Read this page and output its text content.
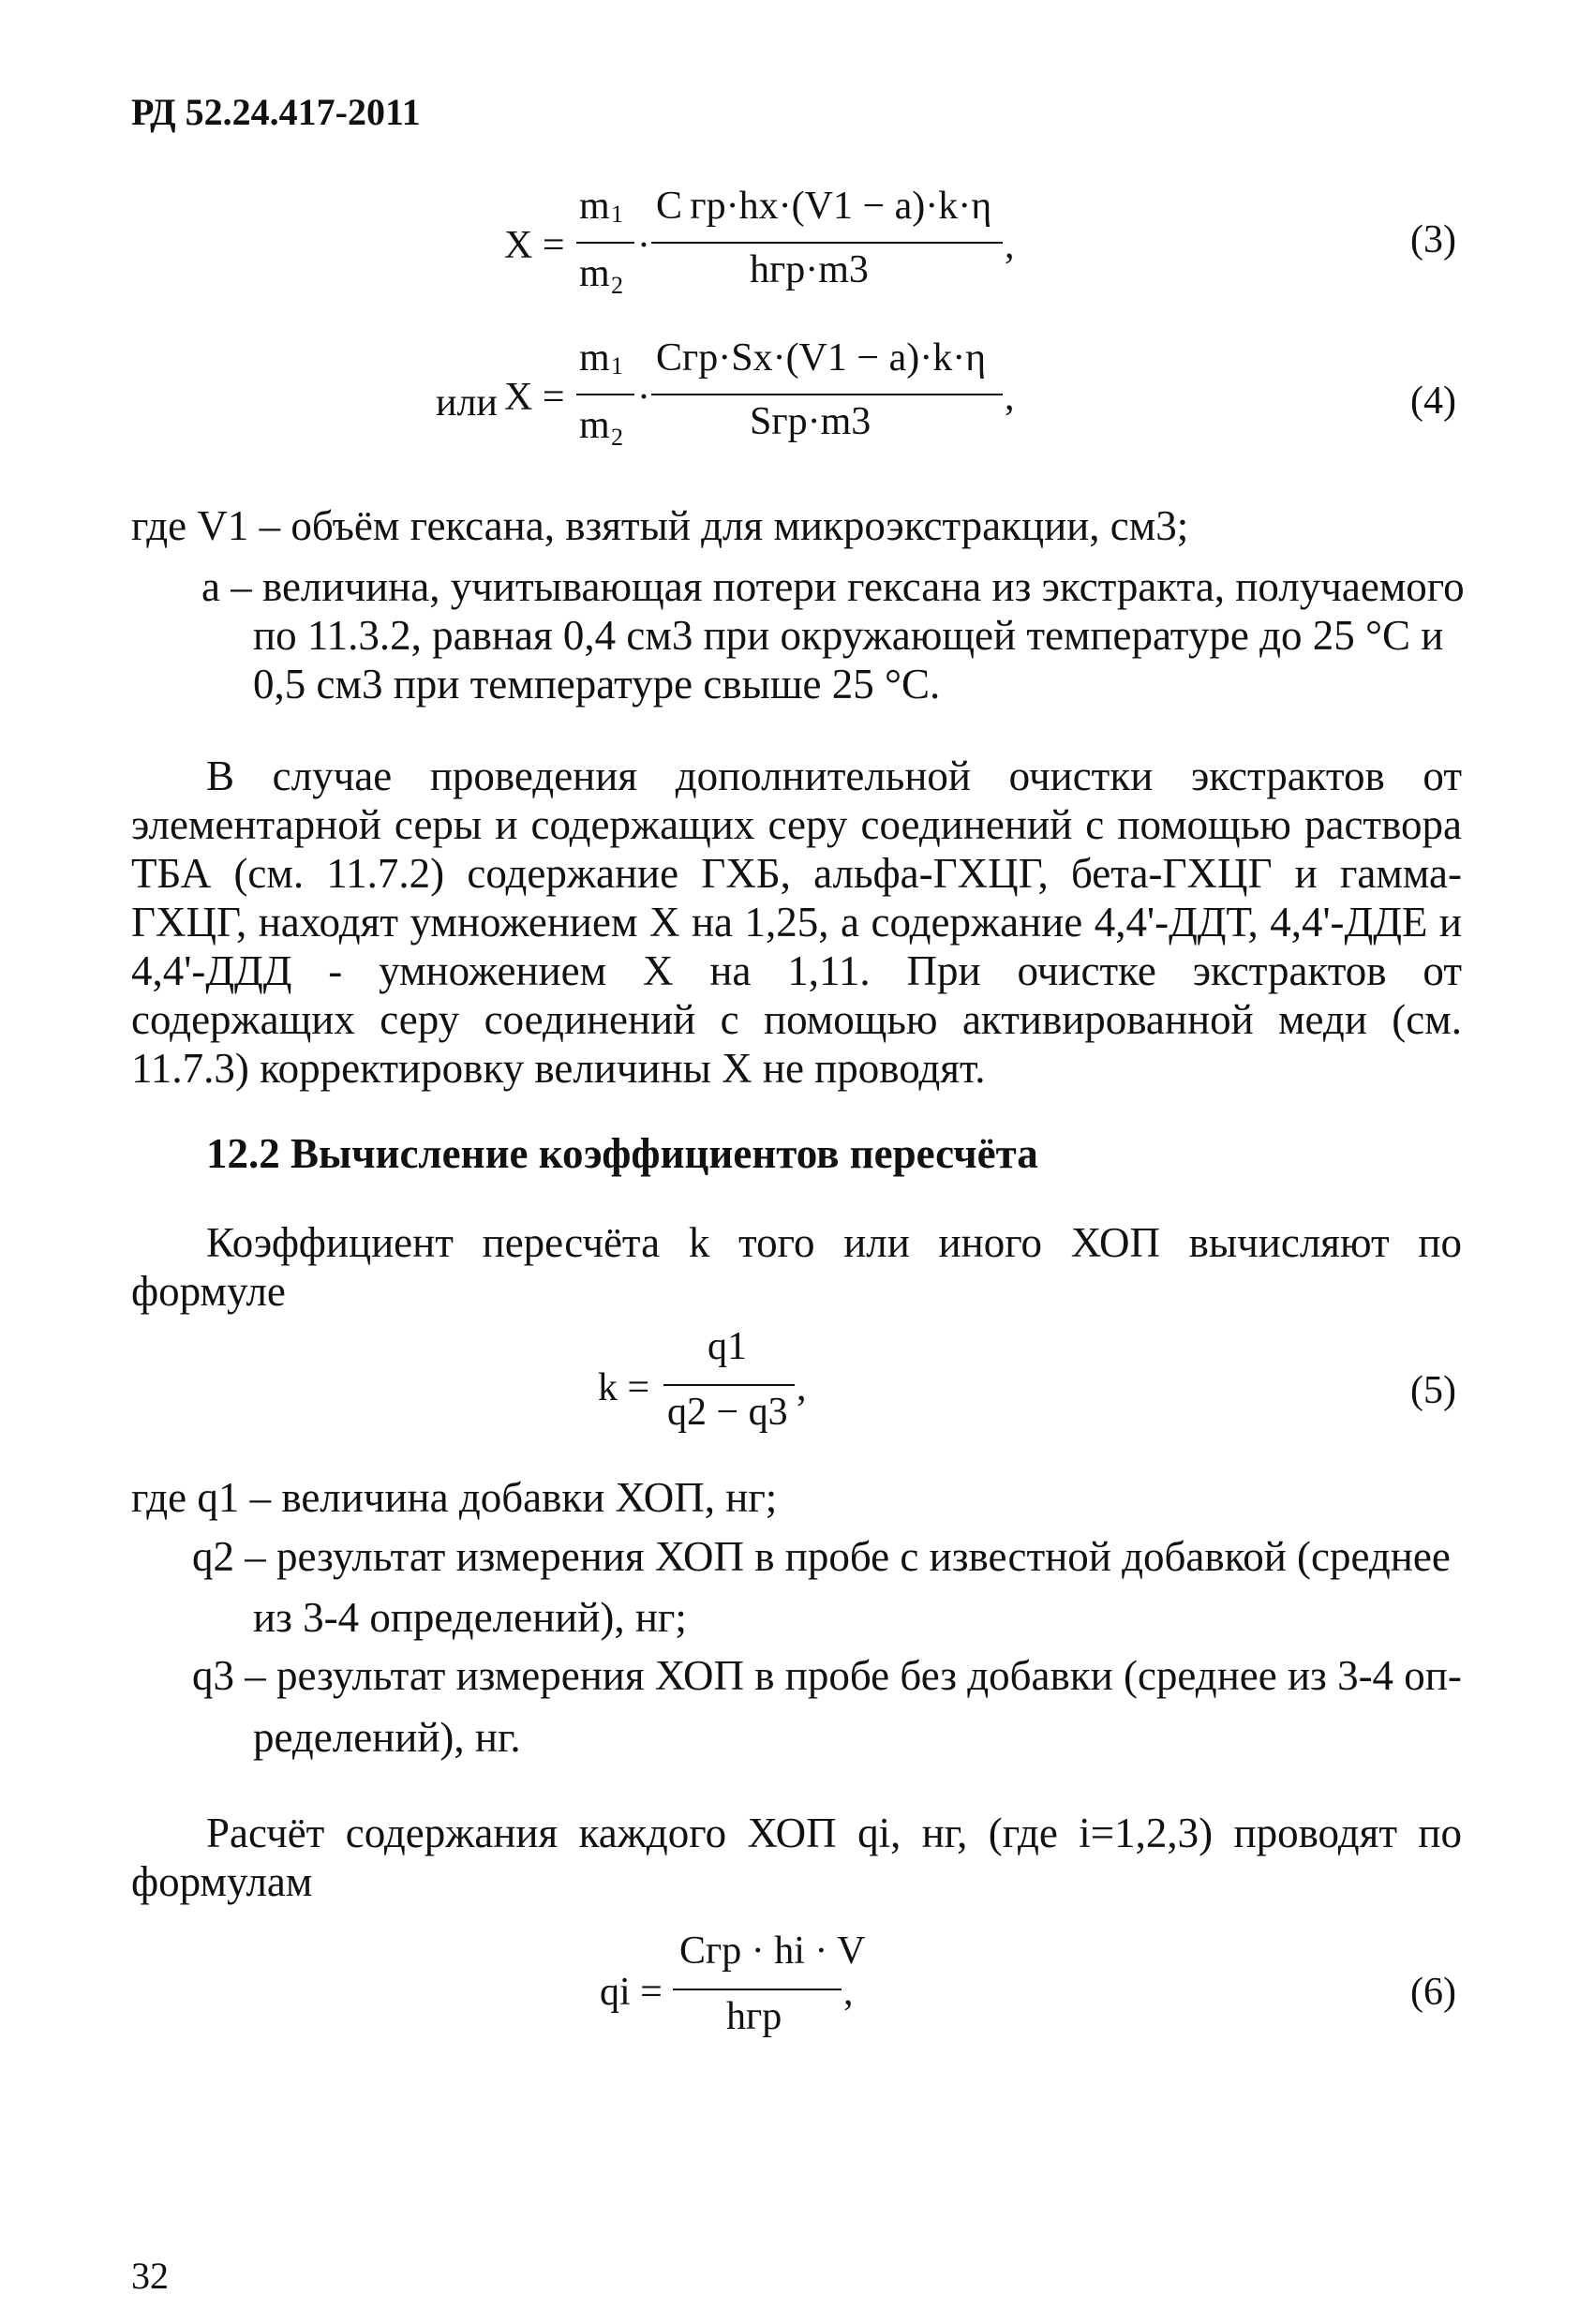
РД 52.24.417-2011
X =
m 1
m 2
·
C гр·hx·(V1 − a)·k·η
hгр·m3
,	(3)
или X =
m 1
m 2
·
Cгр·Sx·(V1 − a)·k·η
Sгр·m3
,	(4)
где V1 – объём гексана, взятый для микроэкстракции, см3;
a – величина, учитывающая потери гексана из экстракта, получаемого
по 11.3.2, равная 0,4 см3 при окружающей температуре до 25 °С и
0,5 см3 при температуре свыше 25 °С.
В случае проведения дополнительной очистки экстрактов от элементарной серы и содержащих серу соединений с помощью раствора ТБА (см. 11.7.2) содержание ГХБ, альфа-ГХЦГ, бета-ГХЦГ и гамма-ГХЦГ, находят умножением Х на 1,25, а содержание 4,4'-ДДТ, 4,4'-ДДЕ и 4,4'-ДДД - умножением Х на 1,11. При очистке экстрактов от содержащих серу соединений с помощью активированной меди (см. 11.7.3) корректировку величины Х не проводят.
12.2 Вычисление коэффициентов пересчёта
Коэффициент пересчёта k того или иного ХОП вычисляют по формуле
k =
q1
q2 − q3
,	(5)
где q1 – величина добавки ХОП, нг;
q2 – результат измерения ХОП в пробе с известной добавкой (среднее
из 3-4 определений), нг;
q3 – результат измерения ХОП в пробе без добавки (среднее из 3-4 оп-
ределений), нг.
Расчёт содержания каждого ХОП qi, нг, (где i=1,2,3) проводят по формулам
qi =
Cгр · hi · V
hгр
,	(6)
32
